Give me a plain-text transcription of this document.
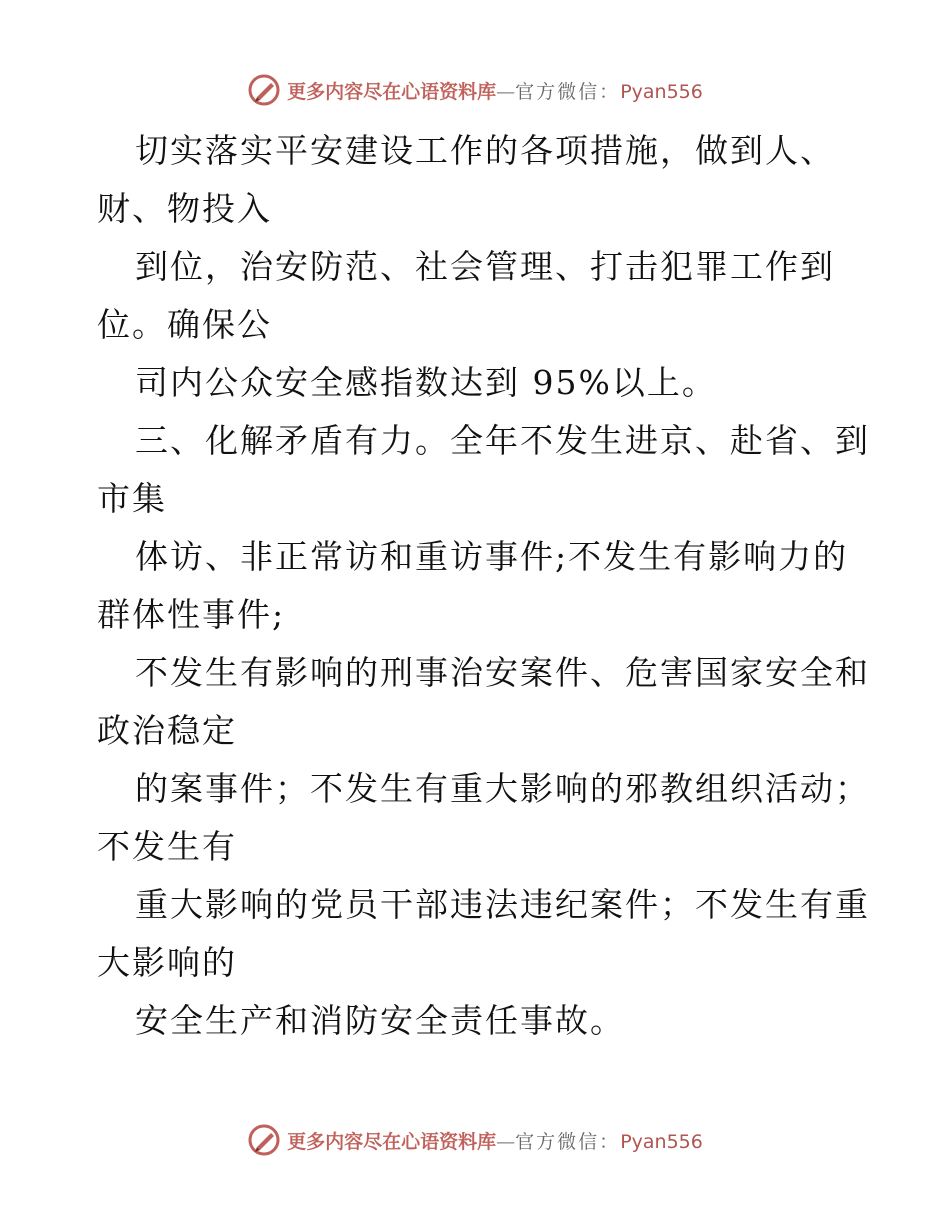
更多内容尽在心语资料库—官方微信：Pyan556
切实落实平安建设工作的各项措施，做到人、
财、物投入
到位，治安防范、社会管理、打击犯罪工作到
位。确保公
司内公众安全感指数达到 95%以上。
三、化解矛盾有力。全年不发生进京、赴省、到
市集
体访、非正常访和重访事件;不发生有影响力的
群体性事件;
不发生有影响的刑事治安案件、危害国家安全和
政治稳定
的案事件；不发生有重大影响的邪教组织活动；
不发生有
重大影响的党员干部违法违纪案件；不发生有重
大影响的
安全生产和消防安全责任事故。
更多内容尽在心语资料库—官方微信：Pyan556
